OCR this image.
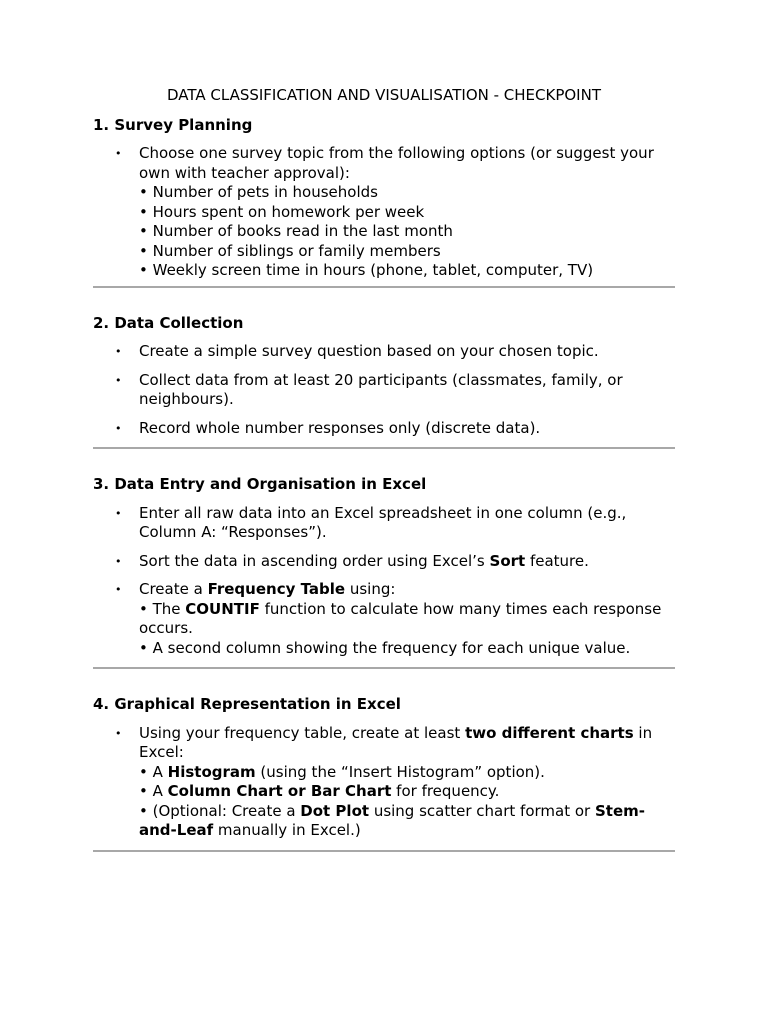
DATA CLASSIFICATION AND VISUALISATION - CHECKPOINT
1. Survey Planning
• Choose one survey topic from the following options (or suggest your own with teacher approval):
• Number of pets in households
• Hours spent on homework per week
• Number of books read in the last month
• Number of siblings or family members
• Weekly screen time in hours (phone, tablet, computer, TV)
2. Data Collection
• Create a simple survey question based on your chosen topic.
• Collect data from at least 20 participants (classmates, family, or neighbours).
• Record whole number responses only (discrete data).
3. Data Entry and Organisation in Excel
• Enter all raw data into an Excel spreadsheet in one column (e.g., Column A: “Responses”).
• Sort the data in ascending order using Excel’s Sort feature.
• Create a Frequency Table using:
• The COUNTIF function to calculate how many times each response occurs.
• A second column showing the frequency for each unique value.
4. Graphical Representation in Excel
• Using your frequency table, create at least two different charts in Excel:
• A Histogram (using the “Insert Histogram” option).
• A Column Chart or Bar Chart for frequency.
• (Optional: Create a Dot Plot using scatter chart format or Stem-and-Leaf manually in Excel.)
